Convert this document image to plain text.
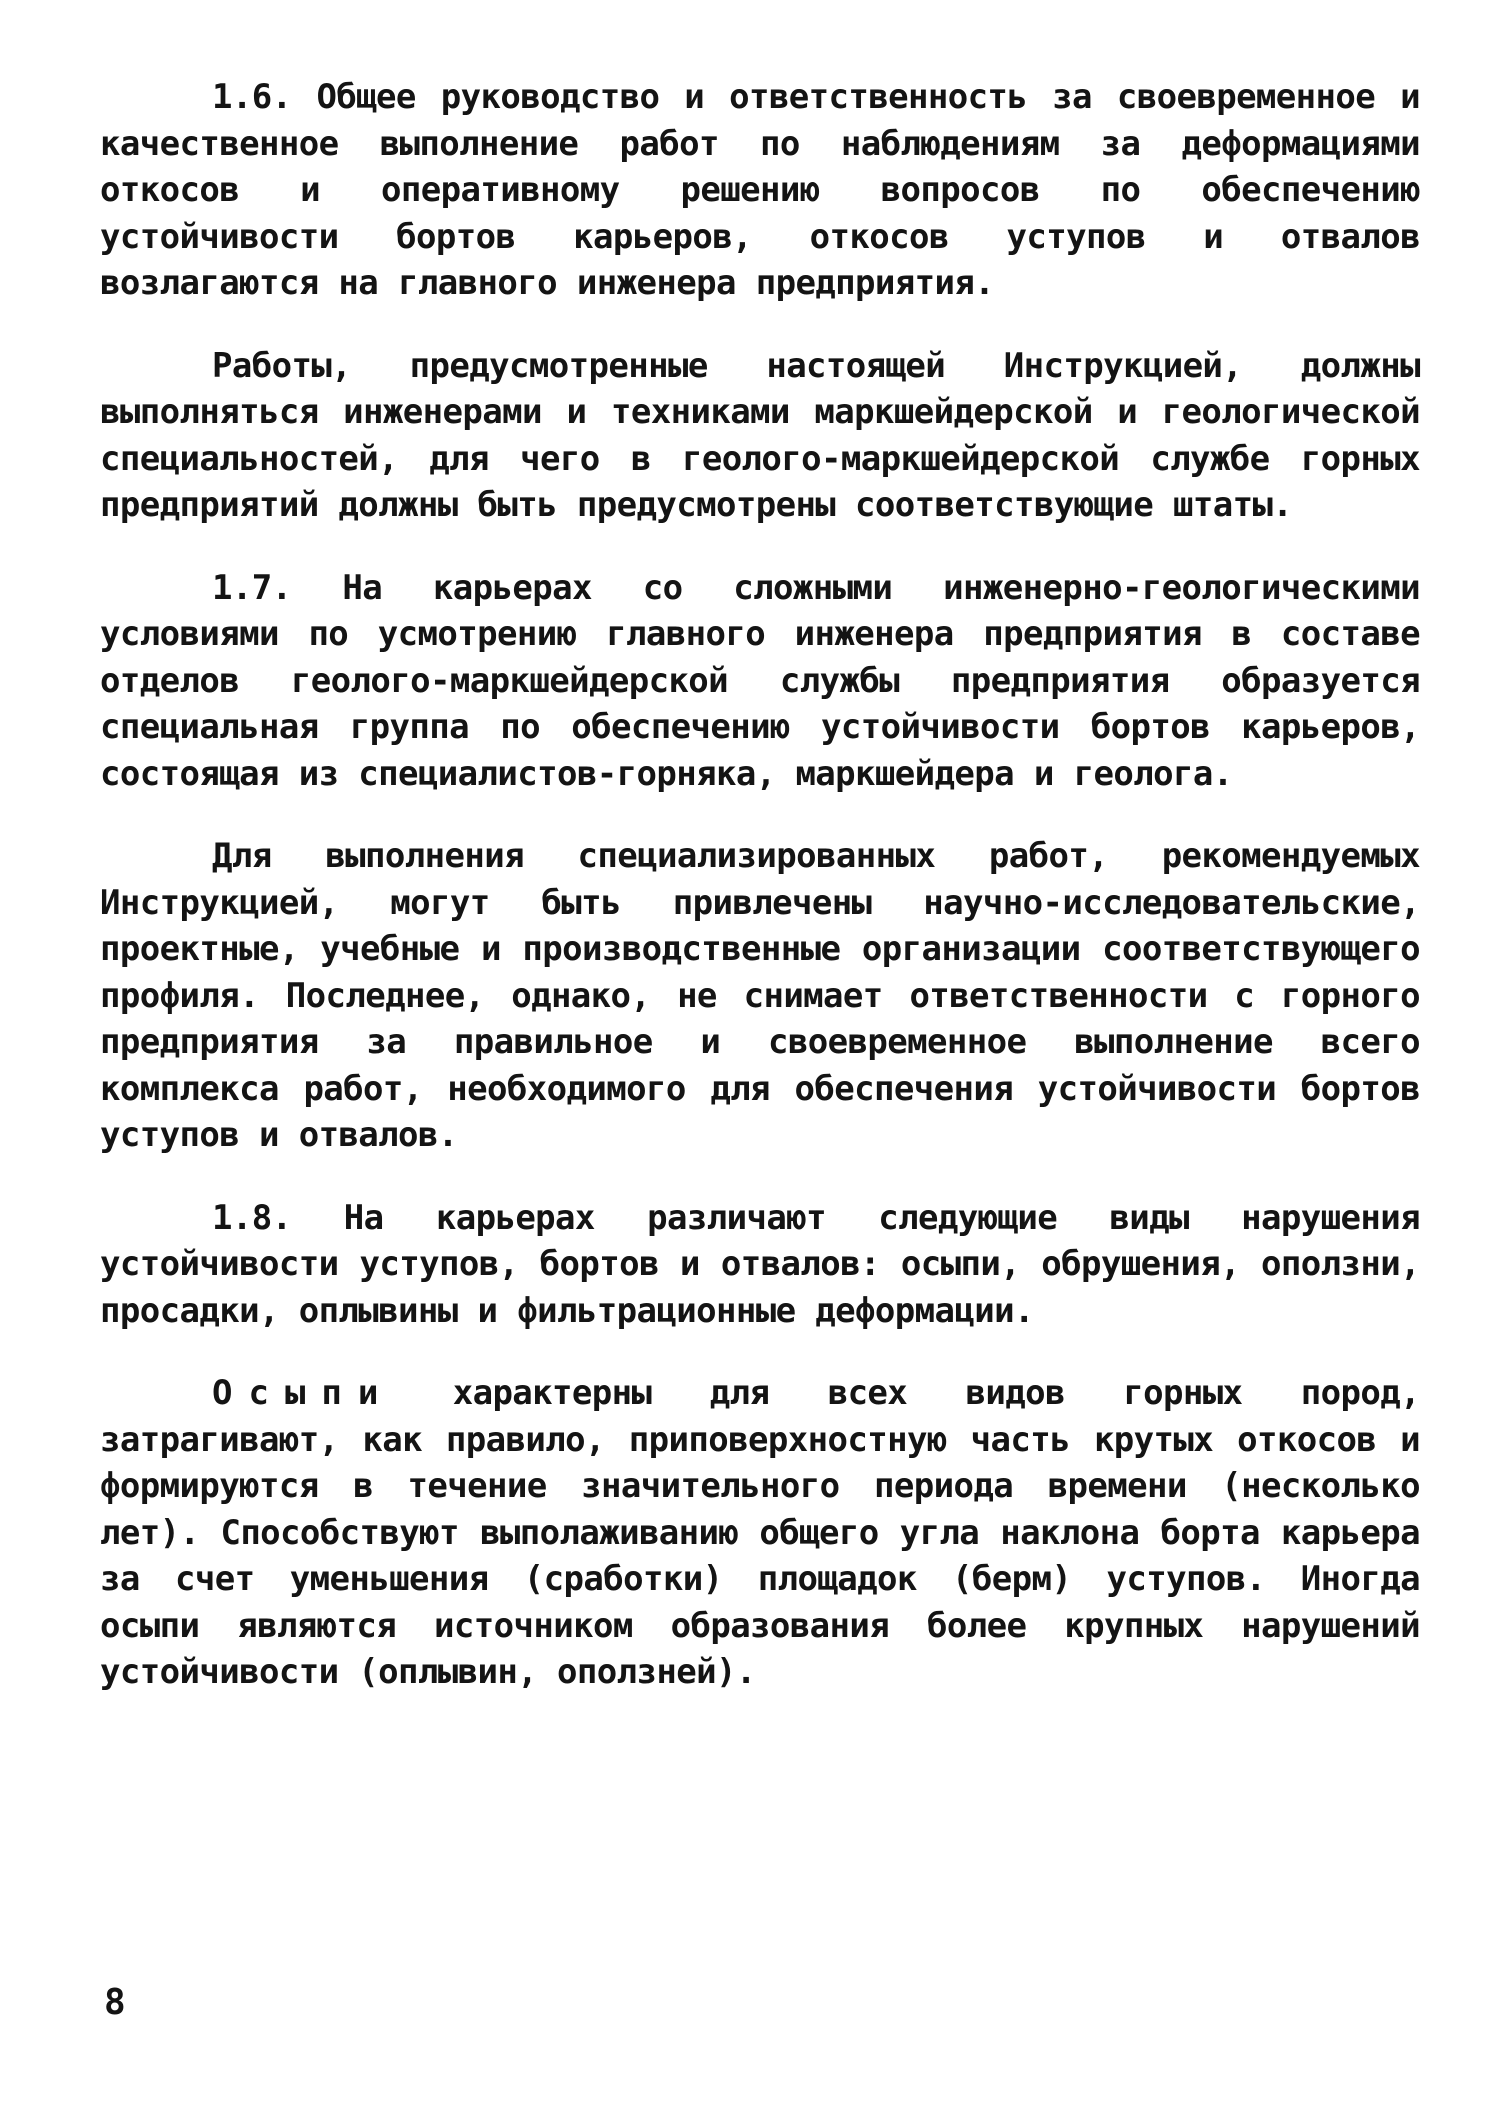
1.6. Общее руководство и ответственность за своевременное и качественное выполнение работ по наблюдениям за деформациями откосов и оперативному решению вопросов по обеспечению устойчивости бортов карьеров, откосов уступов и отвалов возлагаются на главного инженера предприятия.

Работы, предусмотренные настоящей Инструкцией, должны выполняться инженерами и техниками маркшейдерской и геологической специальностей, для чего в геолого-маркшейдерской службе горных предприятий должны быть предусмотрены соответствующие штаты.

1.7. На карьерах со сложными инженерно-геологическими условиями по усмотрению главного инженера предприятия в составе отделов геолого-маркшейдерской службы предприятия образуется специальная группа по обеспечению устойчивости бортов карьеров, состоящая из специалистов-горняка, маркшейдера и геолога.

Для выполнения специализированных работ, рекомендуемых Инструкцией, могут быть привлечены научно-исследовательские, проектные, учебные и производственные организации соответствующего профиля. Последнее, однако, не снимает ответственности с горного предприятия за правильное и своевременное выполнение всего комплекса работ, необходимого для обеспечения устойчивости бортов уступов и отвалов.

1.8. На карьерах различают следующие виды нарушения устойчивости уступов, бортов и отвалов: осыпи, обрушения, оползни, просадки, оплывины и фильтрационные деформации.

Осыпи характерны для всех видов горных пород, затрагивают, как правило, приповерхностную часть крутых откосов и формируются в течение значительного периода времени (несколько лет). Способствуют выполаживанию общего угла наклона борта карьера за счет уменьшения (сработки) площадок (берм) уступов. Иногда осыпи являются источником образования более крупных нарушений устойчивости (оплывин, оползней).

8
